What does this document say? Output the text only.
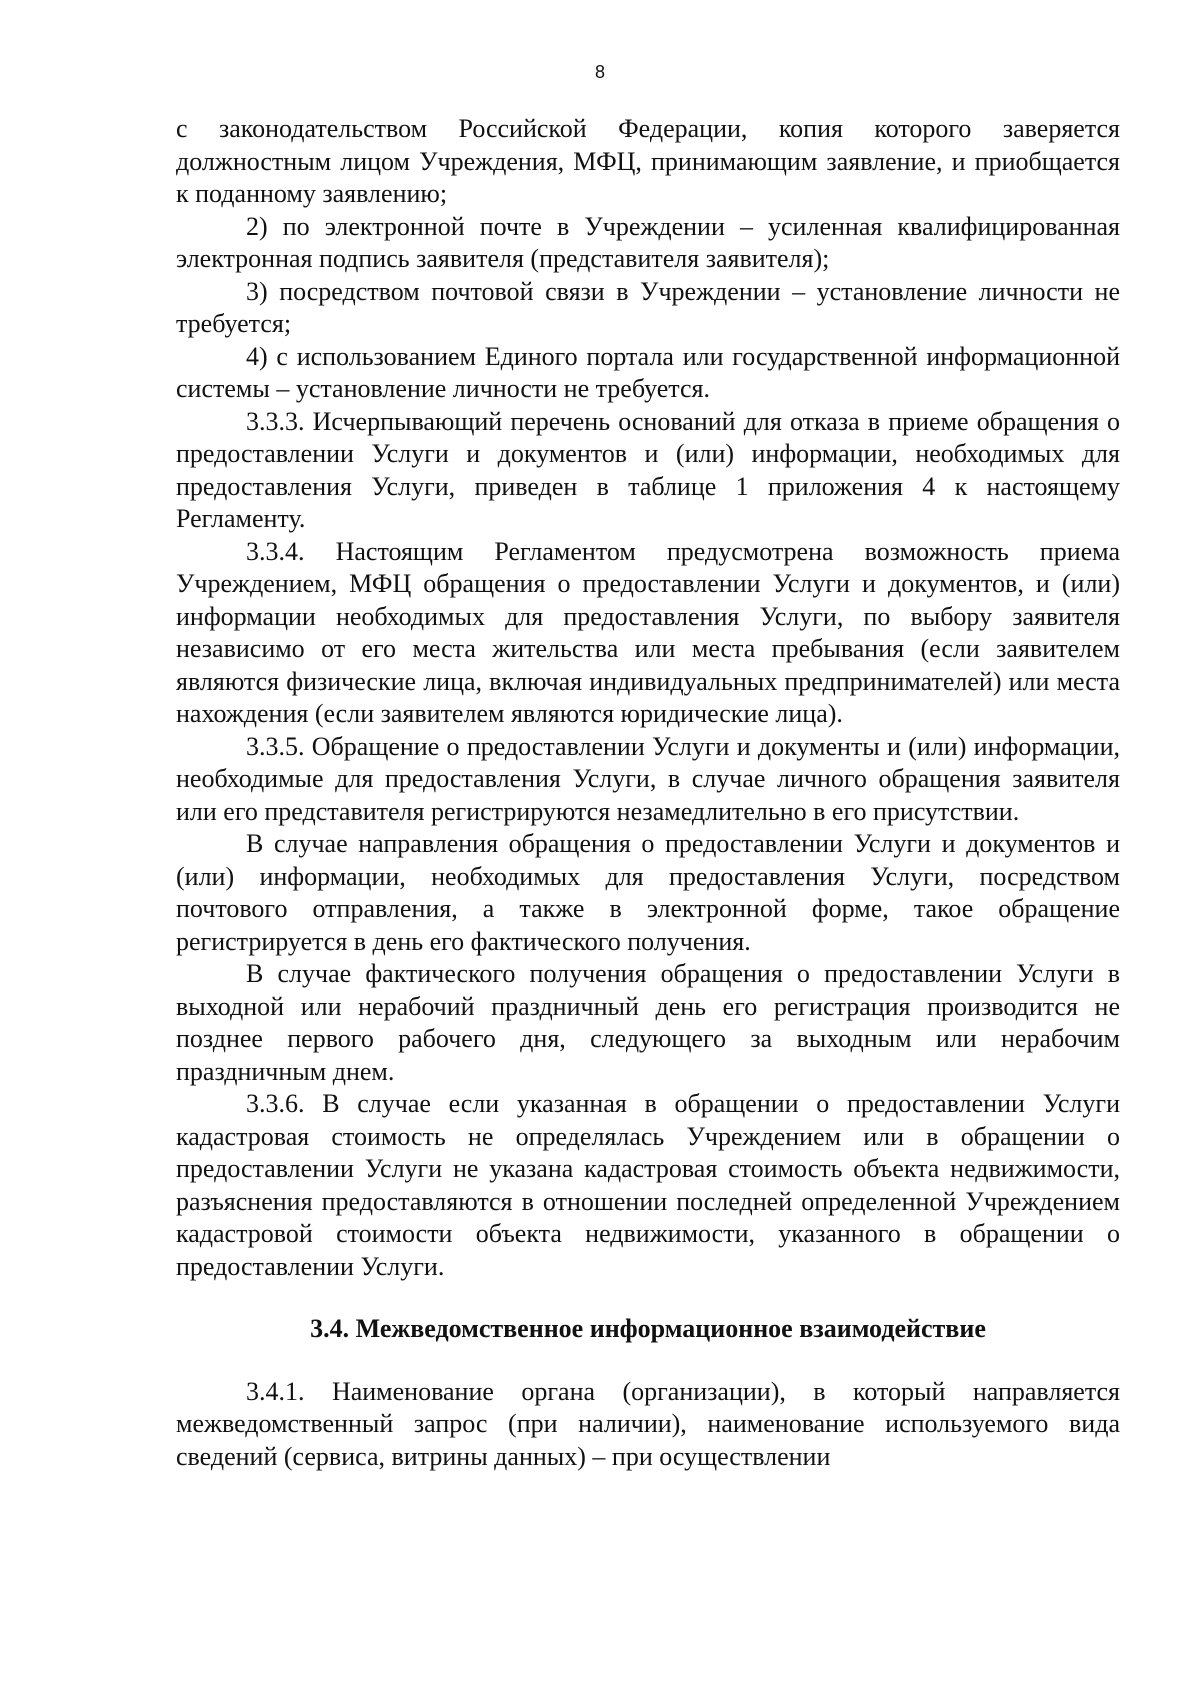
8

с законодательством Российской Федерации, копия которого заверяется должностным лицом Учреждения, МФЦ, принимающим заявление, и приобщается к поданному заявлению;

2) по электронной почте в Учреждении – усиленная квалифицированная электронная подпись заявителя (представителя заявителя);

3) посредством почтовой связи в Учреждении – установление личности не требуется;

4) с использованием Единого портала или государственной информационной системы – установление личности не требуется.

3.3.3. Исчерпывающий перечень оснований для отказа в приеме обращения о предоставлении Услуги и документов и (или) информации, необходимых для предоставления Услуги, приведен в таблице 1 приложения 4 к настоящему Регламенту.

3.3.4. Настоящим Регламентом предусмотрена возможность приема Учреждением, МФЦ обращения о предоставлении Услуги и документов, и (или) информации необходимых для предоставления Услуги, по выбору заявителя независимо от его места жительства или места пребывания (если заявителем являются физические лица, включая индивидуальных предпринимателей) или места нахождения (если заявителем являются юридические лица).

3.3.5. Обращение о предоставлении Услуги и документы и (или) информации, необходимые для предоставления Услуги, в случае личного обращения заявителя или его представителя регистрируются незамедлительно в его присутствии.

В случае направления обращения о предоставлении Услуги и документов и (или) информации, необходимых для предоставления Услуги, посредством почтового отправления, а также в электронной форме, такое обращение регистрируется в день его фактического получения.

В случае фактического получения обращения о предоставлении Услуги в выходной или нерабочий праздничный день его регистрация производится не позднее первого рабочего дня, следующего за выходным или нерабочим праздничным днем.

3.3.6. В случае если указанная в обращении о предоставлении Услуги кадастровая стоимость не определялась Учреждением или в обращении о предоставлении Услуги не указана кадастровая стоимость объекта недвижимости, разъяснения предоставляются в отношении последней определенной Учреждением кадастровой стоимости объекта недвижимости, указанного в обращении о предоставлении Услуги.

3.4. Межведомственное информационное взаимодействие

3.4.1. Наименование органа (организации), в который направляется межведомственный запрос (при наличии), наименование используемого вида сведений (сервиса, витрины данных) – при осуществлении
